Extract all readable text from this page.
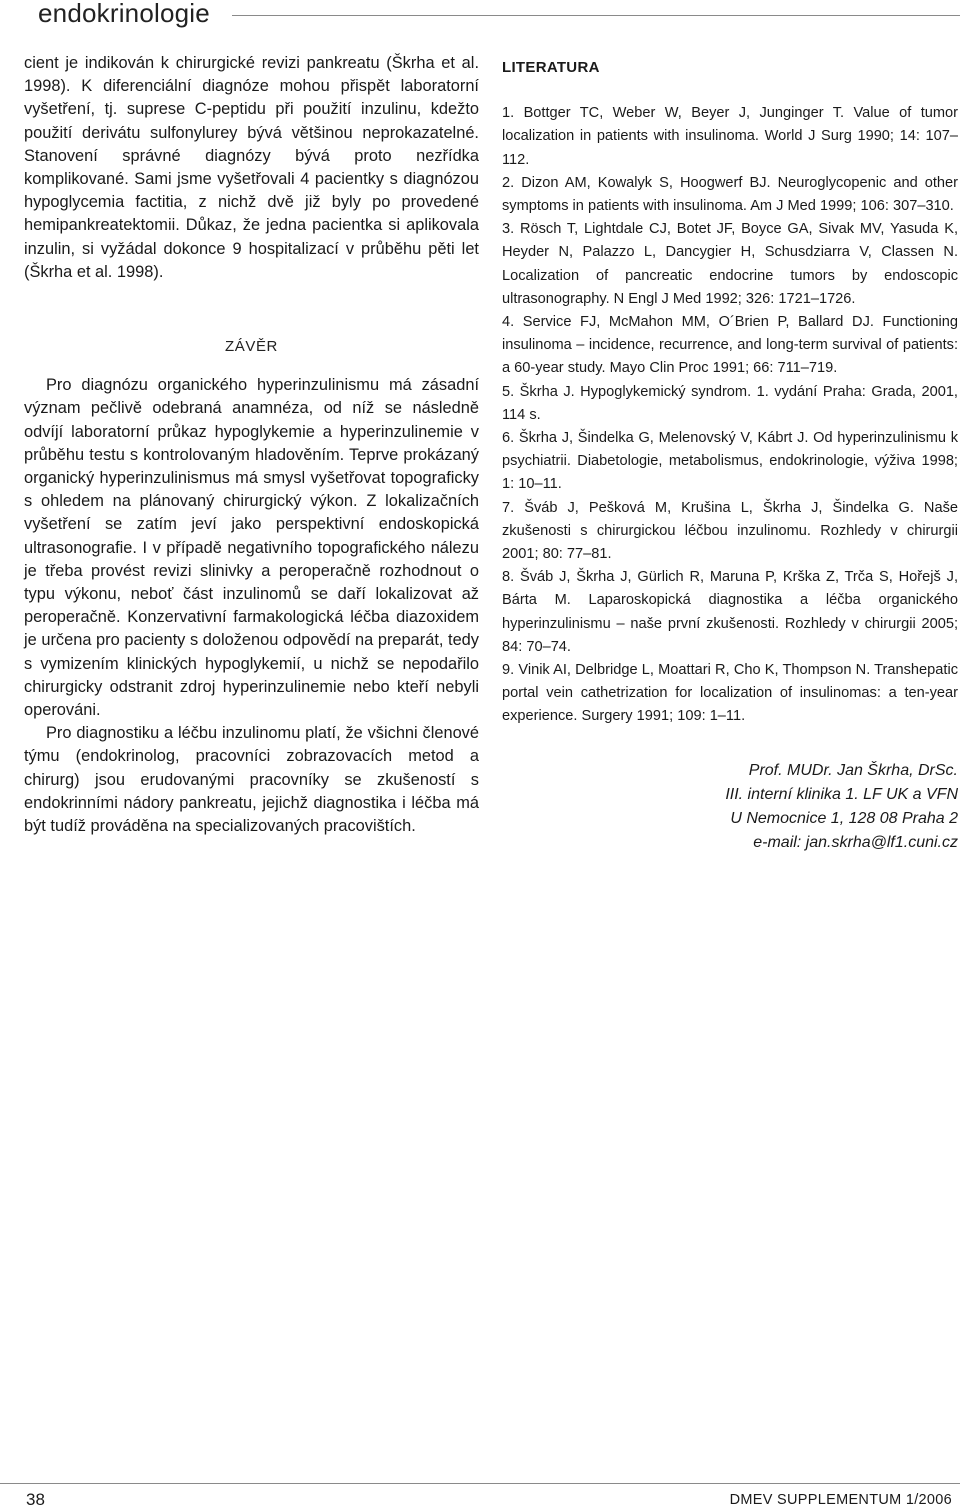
endokrinologie

cient je indikován k chirurgické revizi pankreatu (Škrha et al. 1998). K diferenciální diagnóze mohou přispět laboratorní vyšetření, tj. suprese C-peptidu při použití inzulinu, kdežto použití derivátu sulfonylurey bývá většinou neprokazatelné. Stanovení správné diagnózy bývá proto nezřídka komplikované. Sami jsme vyšetřovali 4 pacientky s diagnózou hypoglycemia factitia, z nichž dvě již byly po provedené hemipankreatektomii. Důkaz, že jedna pacientka si aplikovala inzulin, si vyžádal dokonce 9 hospitalizací v průběhu pěti let (Škrha et al. 1998).

ZÁVĚR

Pro diagnózu organického hyperinzulinismu má zásadní význam pečlivě odebraná anamnéza, od níž se následně odvíjí laboratorní průkaz hypoglykemie a hyperinzulinemie v průběhu testu s kontrolovaným hladověním. Teprve prokázaný organický hyperinzulinismus má smysl vyšetřovat topograficky s ohledem na plánovaný chirurgický výkon. Z lokalizačních vyšetření se zatím jeví jako perspektivní endoskopická ultrasonografie. I v případě negativního topografického nálezu je třeba provést revizi slinivky a peroperačně rozhodnout o typu výkonu, neboť část inzulinomů se daří lokalizovat až peroperačně. Konzervativní farmakologická léčba diazoxidem je určena pro pacienty s doloženou odpovědí na preparát, tedy s vymizením klinických hypoglykemií, u nichž se nepodařilo chirurgicky odstranit zdroj hyperinzulinemie nebo kteří nebyli operováni.

Pro diagnostiku a léčbu inzulinomu platí, že všichni členové týmu (endokrinolog, pracovníci zobrazovacích metod a chirurg) jsou erudovanými pracovníky se zkušeností s endokrinními nádory pankreatu, jejichž diagnostika i léčba má být tudíž prováděna na specializovaných pracovištích.

LITERATURA
1. Bottger TC, Weber W, Beyer J, Junginger T. Value of tumor localization in patients with insulinoma. World J Surg 1990; 14: 107–112.
2. Dizon AM, Kowalyk S, Hoogwerf BJ. Neuroglycopenic and other symptoms in patients with insulinoma. Am J Med 1999; 106: 307–310.
3. Rösch T, Lightdale CJ, Botet JF, Boyce GA, Sivak MV, Yasuda K, Heyder N, Palazzo L, Dancygier H, Schusdziarra V, Classen N. Localization of pancreatic endocrine tumors by endoscopic ultrasonography. N Engl J Med 1992; 326: 1721–1726.
4. Service FJ, McMahon MM, O´Brien P, Ballard DJ. Functioning insulinoma – incidence, recurrence, and long-term survival of patients: a 60-year study. Mayo Clin Proc 1991; 66: 711–719.
5. Škrha J. Hypoglykemický syndrom. 1. vydání Praha: Grada, 2001, 114 s.
6. Škrha J, Šindelka G, Melenovský V, Kábrt J. Od hyperinzulinismu k psychiatrii. Diabetologie, metabolismus, endokrinologie, výživa 1998; 1: 10–11.
7. Šváb J, Pešková M, Krušina L, Škrha J, Šindelka G. Naše zkušenosti s chirurgickou léčbou inzulinomu. Rozhledy v chirurgii 2001; 80: 77–81.
8. Šváb J, Škrha J, Gürlich R, Maruna P, Krška Z, Trča S, Hořejš J, Bárta M. Laparoskopická diagnostika a léčba organického hyperinzulinismu – naše první zkušenosti. Rozhledy v chirurgii 2005; 84: 70–74.
9. Vinik AI, Delbridge L, Moattari R, Cho K, Thompson N. Transhepatic portal vein cathetrization for localization of insulinomas: a ten-year experience. Surgery 1991; 109: 1–11.
Prof. MUDr. Jan Škrha, DrSc.
III. interní klinika 1. LF UK a VFN
U Nemocnice 1, 128 08 Praha 2
e-mail: jan.skrha@lf1.cuni.cz
38	DMEV SUPPLEMENTUM 1/2006
